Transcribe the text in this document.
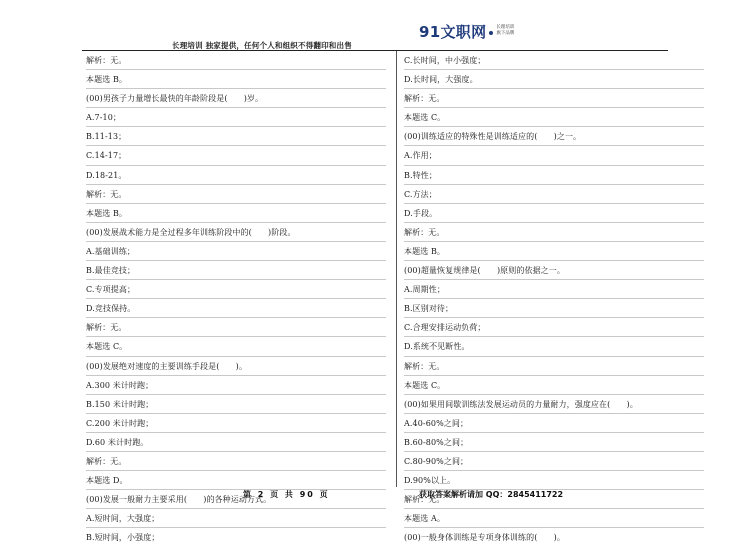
长理培训 独家提供，任何个人和组织不得翻印和出售
91文职网 长理培训
旗下品牌
解析：无。
本题选 B。
(00)男孩子力量增长最快的年龄阶段是(　　)岁。
A.7-10；
B.11-13；
C.14-17；
D.18-21。
解析：无。
本题选 B。
(00)发展战术能力是全过程多年训练阶段中的(　　)阶段。
A.基础训练；
B.最佳竞技；
C.专项提高；
D.竞技保持。
解析：无。
本题选 C。
(00)发展绝对速度的主要训练手段是(　　)。
A.300 米计时跑；
B.150 米计时跑；
C.200 米计时跑；
D.60 米计时跑。
解析：无。
本题选 D。
(00)发展一般耐力主要采用(　　)的各种运动方式。
A.短时间，大强度；
B.短时间，小强度；
C.长时间，中小强度；
D.长时间，大强度。
解析：无。
本题选 C。
(00)训练适应的特殊性是训练适应的(　　)之一。
A.作用；
B.特性；
C.方法；
D.手段。
解析：无。
本题选 B。
(00)超量恢复规律是(　　)原则的依据之一。
A.周期性；
B.区别对待；
C.合理安排运动负荷；
D.系统不见断性。
解析：无。
本题选 C。
(00)如果用间歇训练法发展运动员的力量耐力，强度应在(　　)。
A.40-60%之间；
B.60-80%之间；
C.80-90%之间；
D.90%以上。
解析：无。
本题选 A。
(00)一般身体训练是专项身体训练的(　　)。
第 2 页 共 90 页	获取答案解析请加 QQ：2845411722
